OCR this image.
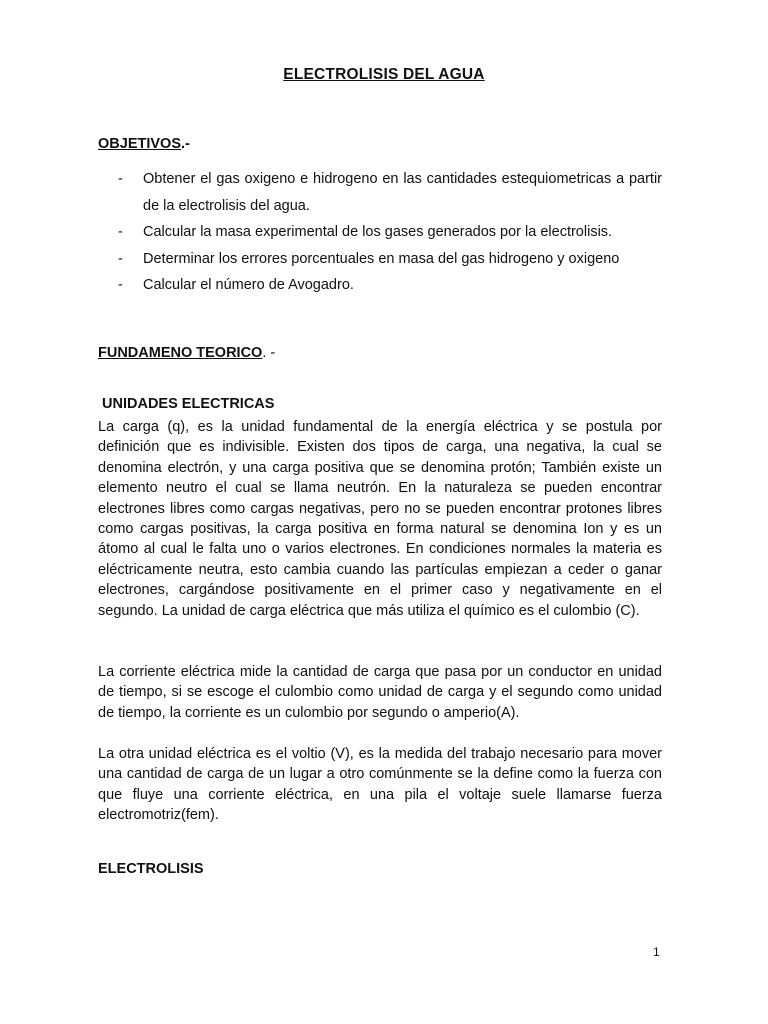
ELECTROLISIS DEL AGUA
OBJETIVOS.-
- Obtener el gas oxigeno e hidrogeno en las cantidades estequiometricas a partir de la electrolisis del agua.
- Calcular la masa experimental de los gases generados por la electrolisis.
- Determinar los errores porcentuales en masa del gas hidrogeno y oxigeno
- Calcular el número de Avogadro.
FUNDAMENO TEORICO. -
UNIDADES ELECTRICAS

La carga (q), es la unidad fundamental de la energía eléctrica y se postula por definición que es indivisible. Existen dos tipos de carga, una negativa, la cual se denomina electrón, y una carga positiva que se denomina protón; También existe un elemento neutro el cual se llama neutrón. En la naturaleza se pueden encontrar electrones libres como cargas negativas, pero no se pueden encontrar protones libres como cargas positivas, la carga positiva en forma natural se denomina Ion y es un átomo al cual le falta uno o varios electrones. En condiciones normales la materia es eléctricamente neutra, esto cambia cuando las partículas empiezan a ceder o ganar electrones, cargándose positivamente en el primer caso y negativamente en el segundo. La unidad de carga eléctrica que más utiliza el químico es el culombio (C).

La corriente eléctrica mide la cantidad de carga que pasa por un conductor en unidad de tiempo, si se escoge el culombio como unidad de carga y el segundo como unidad de tiempo, la corriente es un culombio por segundo o amperio(A).

La otra unidad eléctrica es el voltio (V), es la medida del trabajo necesario para mover una cantidad de carga de un lugar a otro comúnmente se la define como la fuerza con que fluye una corriente eléctrica, en una pila el voltaje suele llamarse fuerza electromotriz(fem).

ELECTROLISIS
1
